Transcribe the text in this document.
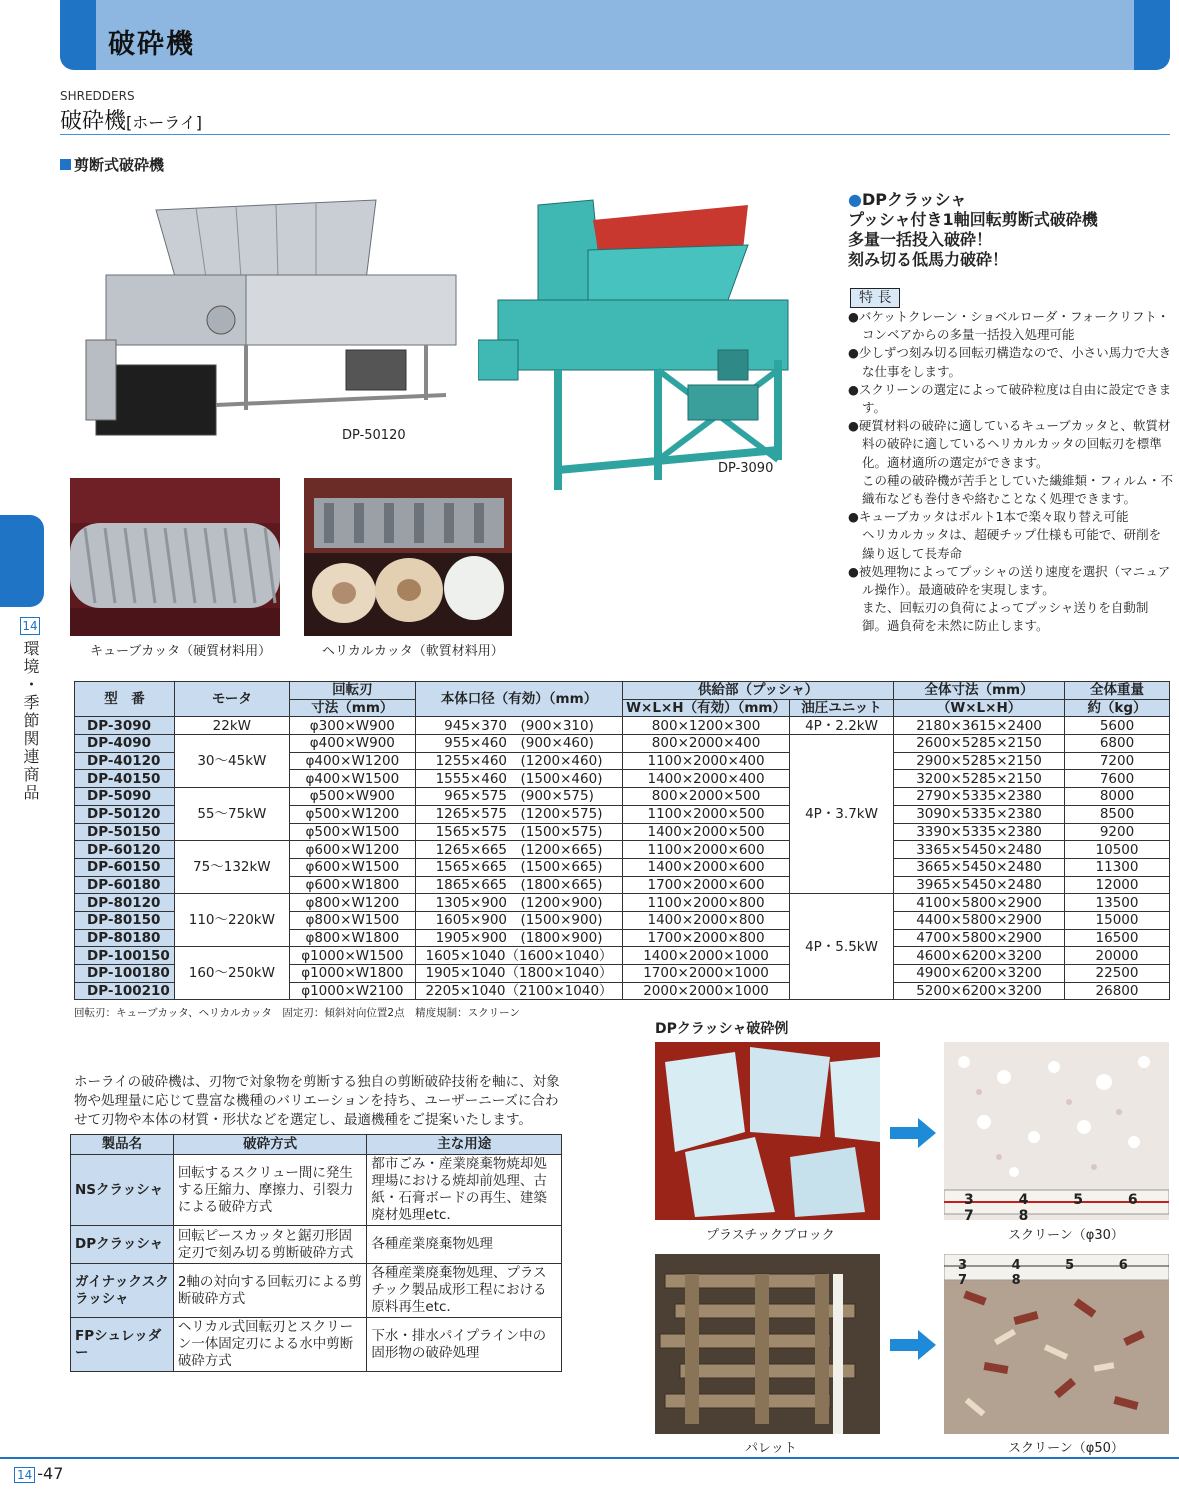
破砕機
SHREDDERS
破砕機[ホーライ]
剪断式破砕機
14
環境・季節関連商品
DP-50120
DP-3090
キューブカッタ（硬質材料用）	ヘリカルカッタ（軟質材料用）
●DPクラッシャ
プッシャ付き1軸回転剪断式破砕機
多量一括投入破砕！
刻み切る低馬力破砕！
特 長
●バケットクレーン・ショベルローダ・フォークリフト・コンベアからの多量一括投入処理可能
●少しずつ刻み切る回転刃構造なので、小さい馬力で大きな仕事をします。
●スクリーンの選定によって破砕粒度は自由に設定できます。
●硬質材料の破砕に適しているキューブカッタと、軟質材料の破砕に適しているヘリカルカッタの回転刃を標準化。適材適所の選定ができます。
この種の破砕機が苦手としていた繊維類・フィルム・不織布なども巻付きや絡むことなく処理できます。
●キューブカッタはボルト1本で楽々取り替え可能
ヘリカルカッタは、超硬チップ仕様も可能で、研削を繰り返して長寿命
●被処理物によってプッシャの送り速度を選択（マニュアル操作）。最適破砕を実現します。
また、回転刃の負荷によってプッシャ送りを自動制御。過負荷を未然に防止します。
型　番	モータ	回転刃	本体口径（有効）（mm）	供給部（プッシャ）		全体寸法（mm）	全体重量
		寸法（mm）		W×L×H（有効）（mm）	油圧ユニット	（W×L×H）	約（kg）
DP-3090	22kW	φ300×W900	945×370　(900×310)	800×1200×300	4P・2.2kW	2180×3615×2400	5600
DP-4090	30～45kW	φ400×W900	955×460　(900×460)	800×2000×400	4P・3.7kW	2600×5285×2150	6800
DP-40120		φ400×W1200	1255×460　(1200×460)	1100×2000×400		2900×5285×2150	7200
DP-40150		φ400×W1500	1555×460　(1500×460)	1400×2000×400		3200×5285×2150	7600
DP-5090	55～75kW	φ500×W900	965×575　(900×575)	800×2000×500		2790×5335×2380	8000
DP-50120		φ500×W1200	1265×575　(1200×575)	1100×2000×500		3090×5335×2380	8500
DP-50150		φ500×W1500	1565×575　(1500×575)	1400×2000×500		3390×5335×2380	9200
DP-60120	75～132kW	φ600×W1200	1265×665　(1200×665)	1100×2000×600		3365×5450×2480	10500
DP-60150		φ600×W1500	1565×665　(1500×665)	1400×2000×600		3665×5450×2480	11300
DP-60180		φ600×W1800	1865×665　(1800×665)	1700×2000×600		3965×5450×2480	12000
DP-80120	110～220kW	φ800×W1200	1305×900　(1200×900)	1100×2000×800	4P・5.5kW	4100×5800×2900	13500
DP-80150		φ800×W1500	1605×900　(1500×900)	1400×2000×800		4400×5800×2900	15000
DP-80180		φ800×W1800	1905×900　(1800×900)	1700×2000×800		4700×5800×2900	16500
DP-100150	160～250kW	φ1000×W1500	1605×1040（1600×1040）	1400×2000×1000		4600×6200×3200	20000
DP-100180		φ1000×W1800	1905×1040（1800×1040）	1700×2000×1000		4900×6200×3200	22500
DP-100210		φ1000×W2100	2205×1040（2100×1040）	2000×2000×1000		5200×6200×3200	26800
回転刃：キューブカッタ、ヘリカルカッタ　固定刃：傾斜対向位置2点　精度規制：スクリーン
DPクラッシャ破砕例
プラスチックブロック
3 4 5 6 7 8
スクリーン（φ30）
パレット
3 4 5 6 7 8
スクリーン（φ50）
ホーライの破砕機は、刃物で対象物を剪断する独自の剪断破砕技術を軸に、対象物や処理量に応じて豊富な機種のバリエーションを持ち、ユーザーニーズに合わせて刃物や本体の材質・形状などを選定し、最適機種をご提案いたします。
製品名	破砕方式	主な用途
NSクラッシャ	回転するスクリュー間に発生する圧縮力、摩擦力、引裂力による破砕方式	都市ごみ・産業廃棄物焼却処理場における焼却前処理、古紙・石膏ボードの再生、建築廃材処理etc.
DPクラッシャ	回転ピースカッタと鋸刃形固定刃で刻み切る剪断破砕方式	各種産業廃棄物処理
ガイナックスクラッシャ	2軸の対向する回転刃による剪断破砕方式	各種産業廃棄物処理、プラスチック製品成形工程における原料再生etc.
FPシュレッダー	ヘリカル式回転刃とスクリーン一体固定刃による水中剪断破砕方式	下水・排水パイプライン中の固形物の破砕処理
14 -47
